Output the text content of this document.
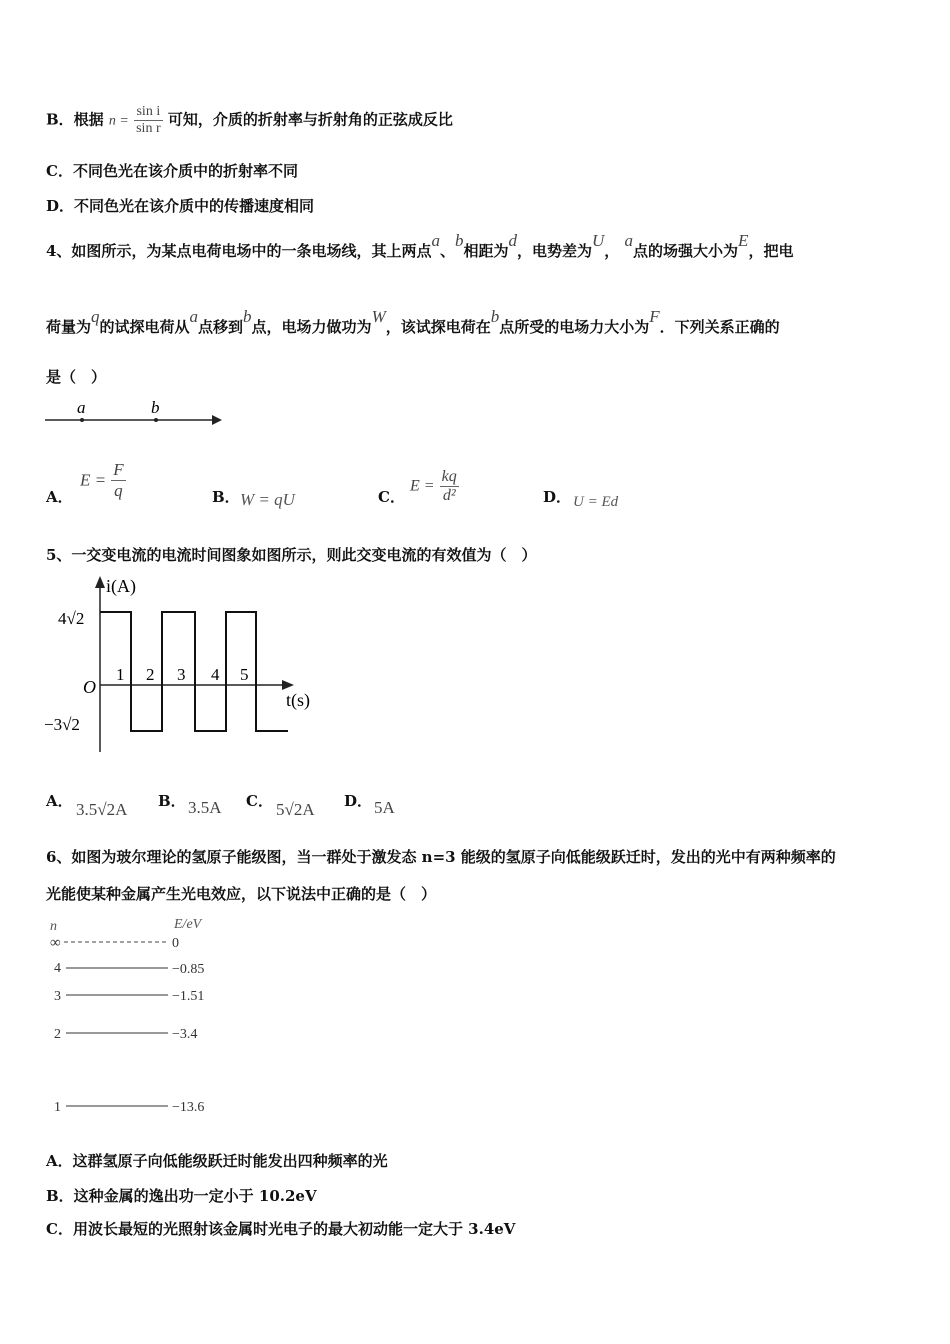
B．根据 $n = \frac{\text{sin i}}{\text{sin r}}$ 可知，介质的折射率与折射角的正弦成反比
C．不同色光在该介质中的折射率不同
D．不同色光在该介质中的传播速度相同
4、如图所示，为某点电荷电场中的一条电场线，其上两点a、b相距为d，电势差为U， a点的场强大小为E，把电
荷量为q的试探电荷从a点移到b点，电场力做功为W，该试探电荷在b点所受的电场力大小为F．下列关系正确的
是（　）
a	b
A．
$E = \frac{F}{q}$	B． W = qU	C．
$E = \frac{kq}{\text{d²}}$	D． U = Ed
5、一交变电流的电流时间图象如图所示，则此交变电流的有效值为（　）
i(A)
t(s)
O
4√2
−3√2
1 2 3 4 5
A． 3.5√2A B． 3.5A C． 5√2A D． 5A
6、如图为玻尔理论的氢原子能级图，当一群处于激发态 n=3 能级的氢原子向低能级跃迁时，发出的光中有两种频率的
光能使某种金属产生光电效应，以下说法中正确的是（　）
n	E/eV
∞	0
4	−0.85
3	−1.51
2	−3.4
1	−13.6
A．这群氢原子向低能级跃迁时能发出四种频率的光
B．这种金属的逸出功一定小于 10.2eV
C．用波长最短的光照射该金属时光电子的最大初动能一定大于 3.4eV
